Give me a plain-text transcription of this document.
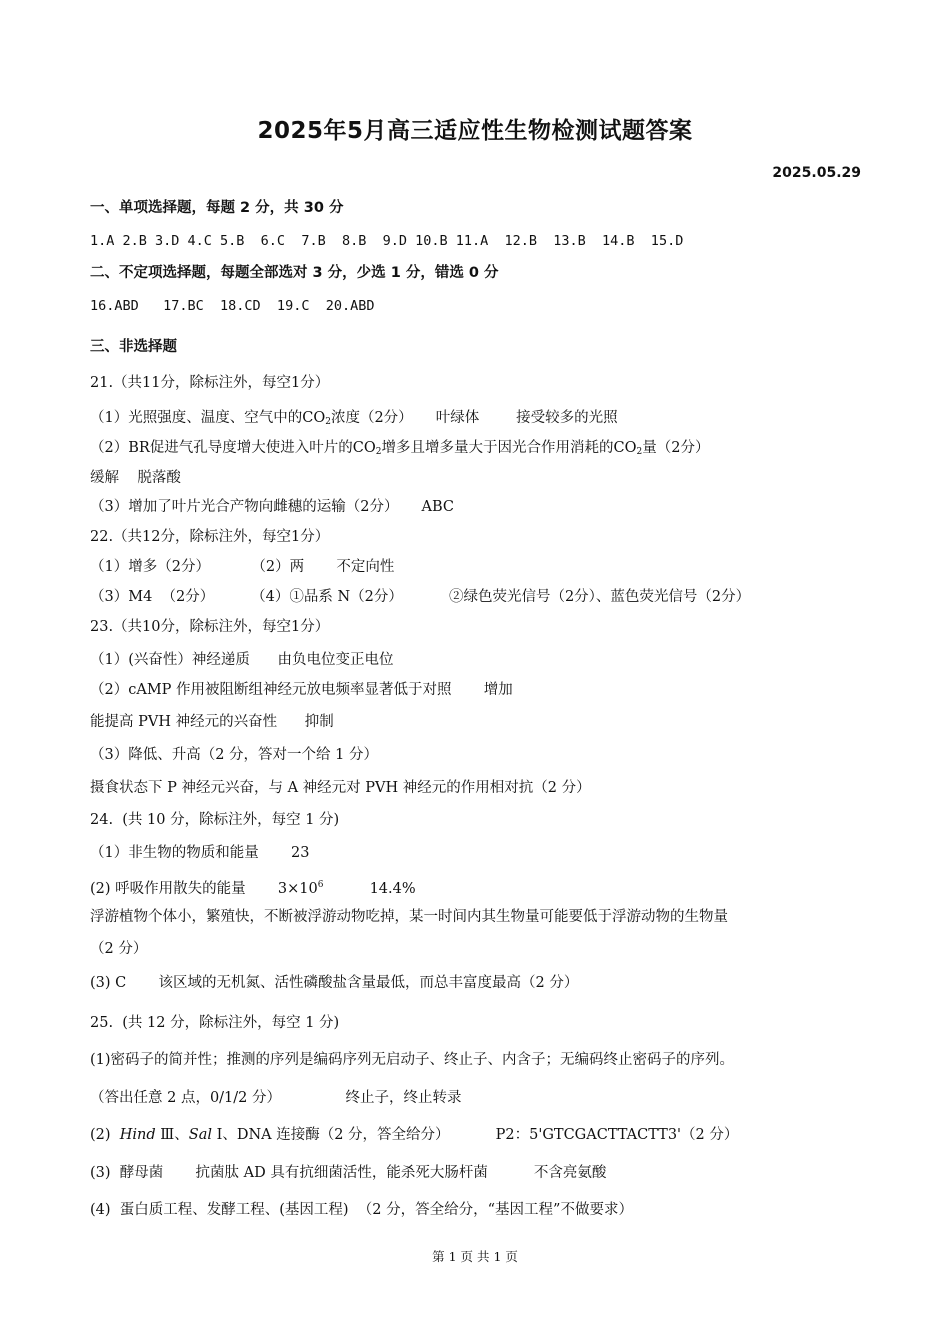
2025年5月高三适应性生物检测试题答案
2025.05.29
一、单项选择题，每题 2 分，共 30 分
1.A 2.B 3.D 4.C 5.B  6.C  7.B  8.B  9.D 10.B 11.A  12.B  13.B  14.B  15.D
二、不定项选择题，每题全部选对 3 分，少选 1 分，错选 0 分
16.ABD   17.BC  18.CD  19.C  20.ABD
三、非选择题
21.（共11分，除标注外，每空1分）
（1）光照强度、温度、空气中的$CO_2$浓度（2分）     叶绿体        接受较多的光照
（2）BR促进气孔导度增大使进入叶片的$CO_2$增多且增多量大于因光合作用消耗的$CO_2$量（2分）
缓解    脱落酸
（3）增加了叶片光合产物向雌穗的运输（2分）     ABC
22.（共12分，除标注外，每空1分）
（1）增多（2分）         （2）两       不定向性
（3）M4  （2分）        （4）①品系 N（2分）          ②绿色荧光信号（2分）、蓝色荧光信号（2分）
23.（共10分，除标注外，每空1分）
（1）(兴奋性）神经递质      由负电位变正电位
（2）cAMP 作用被阻断组神经元放电频率显著低于对照       增加
能提高 PVH 神经元的兴奋性      抑制
（3）降低、升高（2 分，答对一个给 1 分）
摄食状态下 P 神经元兴奋，与 A 神经元对 PVH 神经元的作用相对抗（2 分）
24.  (共 10 分，除标注外，每空 1 分)
（1）非生物的物质和能量       23
(2) 呼吸作用散失的能量       $3\times 10^6$          14.4%
浮游植物个体小，繁殖快，不断被浮游动物吃掉，某一时间内其生物量可能要低于浮游动物的生物量
（2 分）
(3) C       该区域的无机氮、活性磷酸盐含量最低，而总丰富度最高（2 分）
25.  (共 12 分，除标注外，每空 1 分)
(1)密码子的简并性；推测的序列是编码序列无启动子、终止子、内含子；无编码终止密码子的序列。
（答出任意 2 点，0/1/2 分）              终止子，终止转录
(2)  Hind Ⅲ、Sal I、DNA 连接酶（2 分，答全给分）          P2：5'GTCGACTTACTT3'（2 分）
(3)  酵母菌       抗菌肽 AD 具有抗细菌活性，能杀死大肠杆菌          不含亮氨酸
(4)  蛋白质工程、发酵工程、(基因工程)  （2 分，答全给分，“基因工程”不做要求）
第 1 页 共 1 页
